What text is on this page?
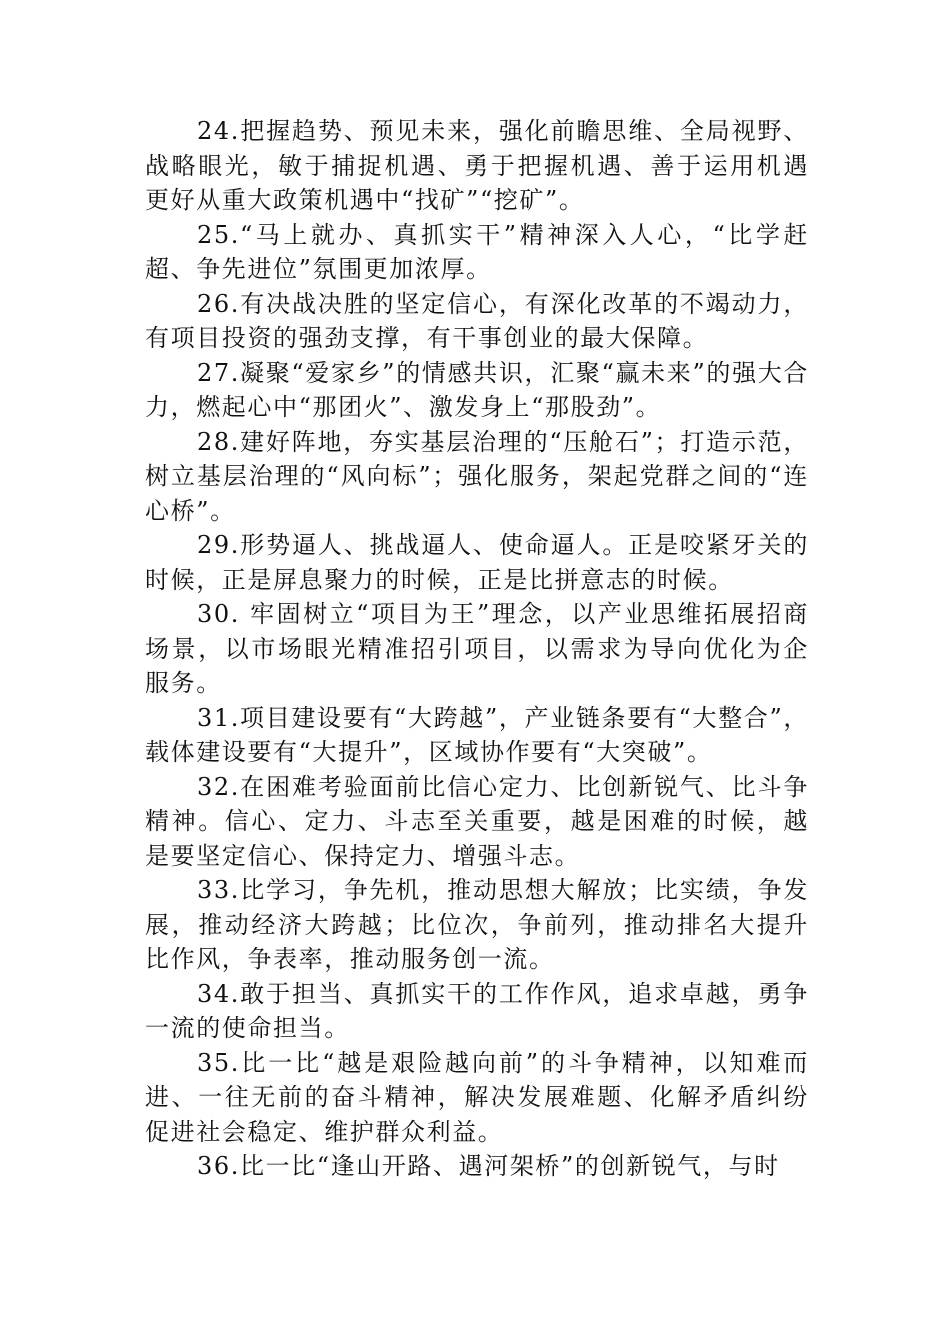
24.把握趋势、预见未来，强化前瞻思维、全局视野、战略眼光，敏于捕捉机遇、勇于把握机遇、善于运用机遇更好从重大政策机遇中“找矿”“挖矿”。

25.“马上就办、真抓实干”精神深入人心，“比学赶超、争先进位”氛围更加浓厚。

26.有决战决胜的坚定信心，有深化改革的不竭动力，有项目投资的强劲支撑，有干事创业的最大保障。

27.凝聚“爱家乡”的情感共识，汇聚“赢未来”的强大合力，燃起心中“那团火”、激发身上“那股劲”。

28.建好阵地，夯实基层治理的“压舱石”；打造示范，树立基层治理的“风向标”；强化服务，架起党群之间的“连心桥”。

29.形势逼人、挑战逼人、使命逼人。正是咬紧牙关的时候，正是屏息聚力的时候，正是比拼意志的时候。

30. 牢固树立“项目为王”理念，以产业思维拓展招商场景，以市场眼光精准招引项目，以需求为导向优化为企服务。

31.项目建设要有“大跨越”，产业链条要有“大整合”，载体建设要有“大提升”，区域协作要有“大突破”。

32.在困难考验面前比信心定力、比创新锐气、比斗争精神。信心、定力、斗志至关重要，越是困难的时候，越是要坚定信心、保持定力、增强斗志。

33.比学习，争先机，推动思想大解放；比实绩，争发展，推动经济大跨越；比位次，争前列，推动排名大提升比作风，争表率，推动服务创一流。

34.敢于担当、真抓实干的工作作风，追求卓越，勇争一流的使命担当。

35.比一比“越是艰险越向前”的斗争精神，以知难而进、一往无前的奋斗精神，解决发展难题、化解矛盾纠纷促进社会稳定、维护群众利益。

36.比一比“逢山开路、遇河架桥”的创新锐气，与时
